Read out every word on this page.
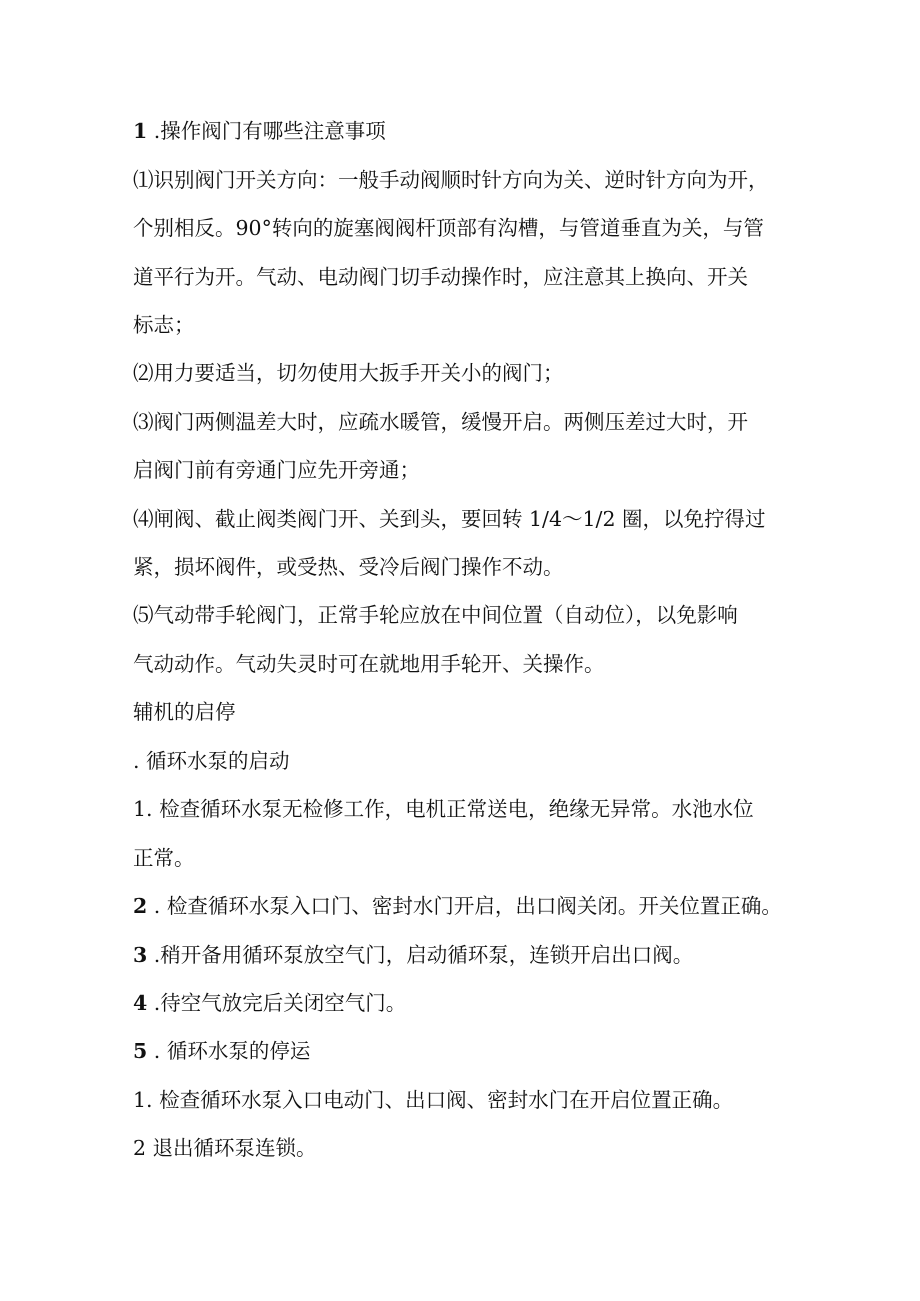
1 .操作阀门有哪些注意事项
⑴识别阀门开关方向：一般手动阀顺时针方向为关、逆时针方向为开，
个别相反。90°转向的旋塞阀阀杆顶部有沟槽，与管道垂直为关，与管
道平行为开。气动、电动阀门切手动操作时，应注意其上换向、开关
标志；
⑵用力要适当，切勿使用大扳手开关小的阀门；
⑶阀门两侧温差大时，应疏水暖管，缓慢开启。两侧压差过大时，开
启阀门前有旁通门应先开旁通；
⑷闸阀、截止阀类阀门开、关到头，要回转 1/4～1/2 圈，以免拧得过
紧，损坏阀件，或受热、受冷后阀门操作不动。
⑸气动带手轮阀门，正常手轮应放在中间位置（自动位），以免影响
气动动作。气动失灵时可在就地用手轮开、关操作。
辅机的启停
. 循环水泵的启动
1. 检查循环水泵无检修工作，电机正常送电，绝缘无异常。水池水位
正常。
2 . 检查循环水泵入口门、密封水门开启，出口阀关闭。开关位置正确。
3 .稍开备用循环泵放空气门，启动循环泵，连锁开启出口阀。
4 .待空气放完后关闭空气门。
5 . 循环水泵的停运
1. 检查循环水泵入口电动门、出口阀、密封水门在开启位置正确。
2 退出循环泵连锁。
